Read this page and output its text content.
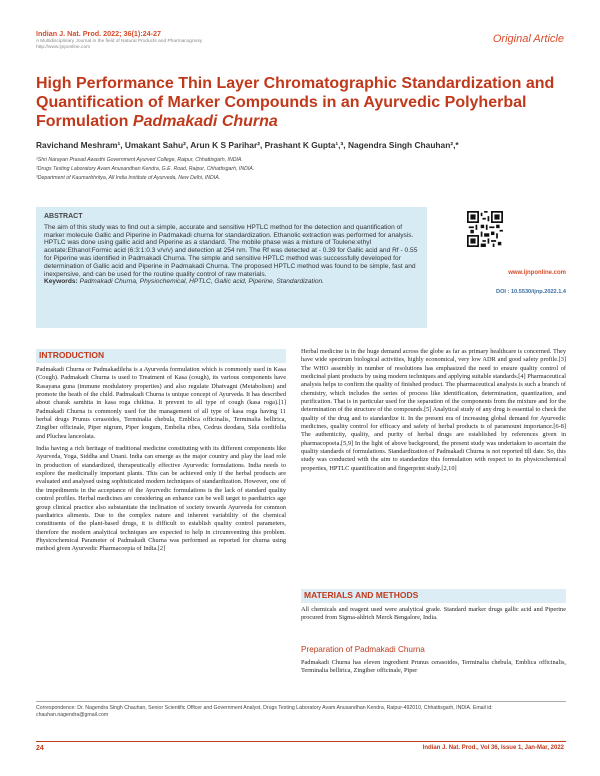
Indian J. Nat. Prod. 2022; 36(1):24-27
A Multidisciplinary Journal in the field of Natural Products and Pharmacognosy
http://www.ijnponline.com
Original Article
High Performance Thin Layer Chromatographic Standardization and Quantification of Marker Compounds in an Ayurvedic Polyherbal Formulation Padmakadi Churna
Ravichand Meshram¹, Umakant Sahu², Arun K S Parihar², Prashant K Gupta¹,³, Nagendra Singh Chauhan²,*
¹Shri Narayan Prasad Awasthi Government Ayurved College, Raipur, Chhattisgarh, INDIA.
²Drugs Testing Laboratory Avam Anusandhan Kendra, G.E. Road, Raipur, Chhattisgarh, INDIA.
³Department of Kaumarbhritya, All India Institute of Ayurveda, New Delhi, INDIA.
ABSTRACT
The aim of this study was to find out a simple, accurate and sensitive HPTLC method for the detection and quantification of marker molecule Gallic and Piperine in Padmakadi churna for standardization. Ethanolic extraction was performed for analysis. HPTLC was done using gallic acid and Piperine as a standard. The mobile phase was a mixture of Toulene:ethyl acetate:Ethanol:Formic acid (6:3:1:0.3 v/v/v) and detection at 254 nm. The Rf was detected at - 0.39 for Gallic acid and Rf - 0.55 for Piperine was identified in Padmakadi Churna. The simple and sensitive HPTLC method was successfully developed for determination of Gallic acid and Piperine in Padmakadi Churna. The proposed HPTLC method was found to be simple, fast and inexpensive, and can be used for the routine quality control of raw materials.
Keywords: Padmakadi Churna, Physiochemical, HPTLC, Gallic acid, Piperine, Standardization.
www.ijnponline.com
DOI : 10.5530/ijnp.2022.1.4
INTRODUCTION

Padmakadi Churna or Padmakadileha is a Ayurveda formulation which is commonly used in Kasa (Cough). Padmakadi Churna is used to Treatment of Kasa (cough), its various components have Rasayana guna (immune modulatory properties) and also regulate Dhatvagni (Metabolism) and promote the heath of the child. Padmakadi Churna is unique concept of Ayurveda. It has described about charak samhita in kasa roga chikitsa. It prevent to all type of cough (kasa roga).[1] Padmakadi Churna is commonly used for the management of all type of kasa roga having 11 herbal drugs Prunus cerasoides, Terminalia chebula, Emblica officinalis, Terminalia bellirica, Zingiber officinale, Piper nigrum, Piper longum, Embelia ribes, Cedrus deodara, Sida cordifolia and Pluchea lanceolata.

India having a rich heritage of traditional medicine constituting with its different components like Ayurveda, Yoga, Siddha and Unani. India can emerge as the major country and play the lead role in production of standardized, therapeutically effective Ayurvedic formulations. India needs to explore the medicinally important plants. This can be achieved only if the herbal products are evaluated and analysed using sophisticated modern techniques of standardization. However, one of the impediments in the acceptance of the Ayurvedic formulations is the lack of standard quality control profiles. Herbal medicines are considering an enhance can be well target to paediatrics age group clinical practice also substantiate the inclination of society towards Ayurveda for common paediatrics aliments. Due to the complex nature and inherent variability of the chemical constituents of the plant-based drugs, it is difficult to establish quality control parameters, therefore the modern analytical techniques are expected to help in circumventing this problem. Physicochemical Parameter of Padmakadi Churna was performed as reported for churna using method given Ayurvedic Pharmacoepia of India.[2]

Herbal medicine is in the huge demand across the globe as far as primary healthcare is concerned. They have wide spectrum biological activities, highly economical, very low ADR and good safety profile.[3] The WHO assembly in number of resolutions has emphasized the need to ensure quality control of medicinal plant products by using modern techniques and applying suitable standards.[4] Pharmaceutical analysis helps to confirm the quality of finished product. The pharmaceutical analysis is such a branch of chemistry, which includes the series of process like identification, determination, quantization, and purification. That is in particular used for the separation of the components from the mixture and for the determination of the structure of the compounds.[5] Analytical study of any drug is essential to check the quality of the drug and to standardize it. In the present era of increasing global demand for Ayurvedic medicines, quality control for efficacy and safety of herbal products is of paramount importance.[6-8] The authenticity, quality, and purity of herbal drugs are established by references given in pharmacopoeia.[5,9] In the light of above background, the present study was undertaken to ascertain the quality standards of formulations. Standardization of Padmakadi Churna is not reported till date. So, this study was conducted with the aim to standardize this formulation with respect to its physicochemical properties, HPTLC quantification and fingerprint study.[2,10]

MATERIALS AND METHODS
All chemicals and reagent used were analytical grade. Standard marker drugs gallic acid and Piperine procured from Sigma-aldrich Merck Bengalore, India.
Preparation of Padmakadi Churna
Padmakadi Churna has eleven ingredient Prunus cerasoides, Terminalia chebula, Emblica officinalis, Terminalia bellirica, Zingiber officinale, Piper
Correspondence: Dr. Nagendra Singh Chauhan, Senior Scientific Officer and Government Analyst, Drugs Testing Laboratory Avam Anusandhan Kendra, Raipur-492010, Chhattisgarh, INDIA. Email id: chauhan.nagendra@gmail.com
24	Indian J. Nat. Prod., Vol 36, Issue 1, Jan-Mar, 2022
